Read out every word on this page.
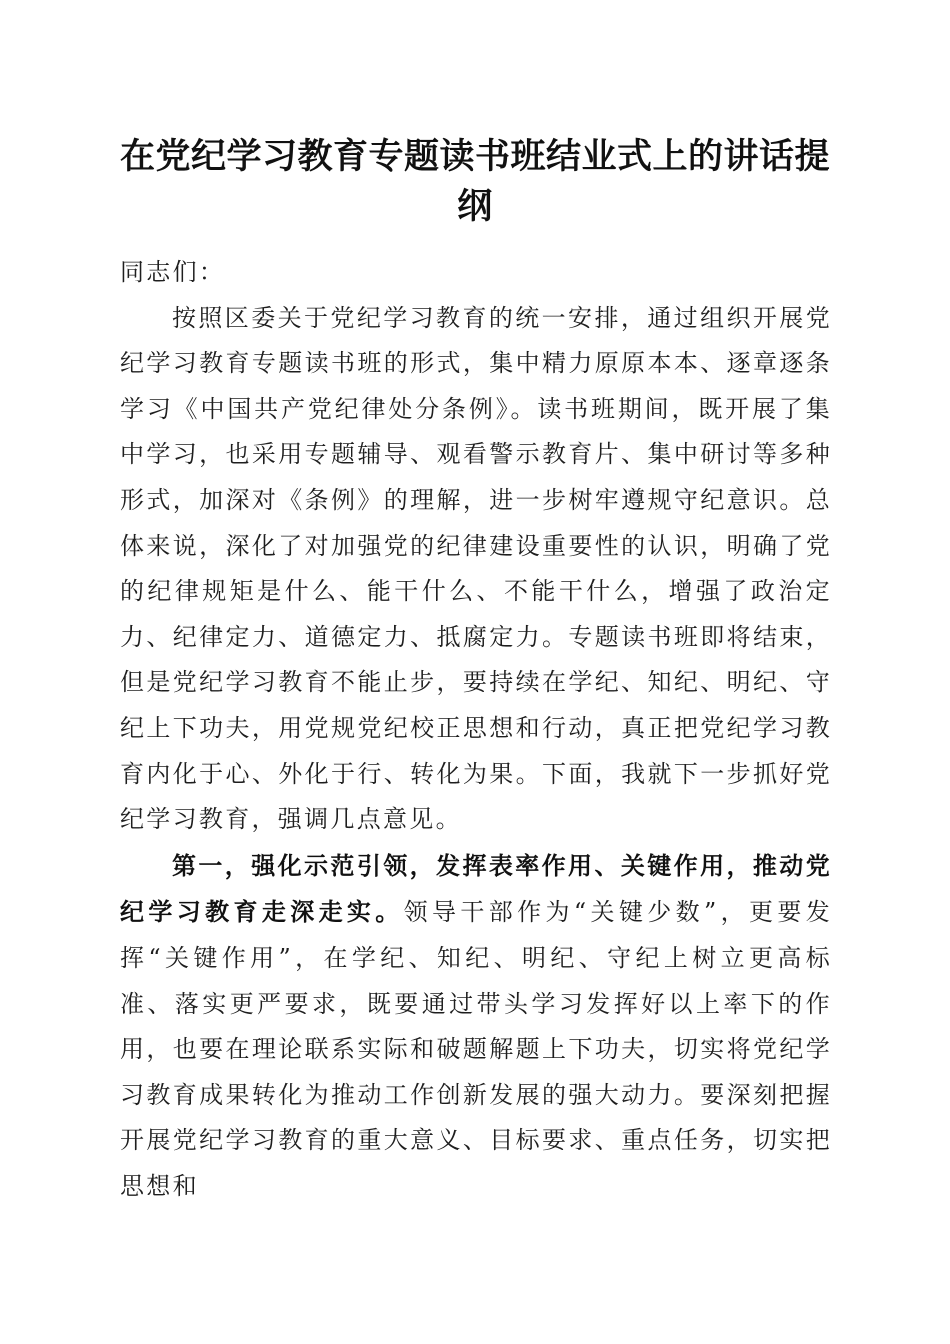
在党纪学习教育专题读书班结业式上的讲话提纲

同志们：

按照区委关于党纪学习教育的统一安排，通过组织开展党纪学习教育专题读书班的形式，集中精力原原本本、逐章逐条学习《中国共产党纪律处分条例》。读书班期间，既开展了集中学习，也采用专题辅导、观看警示教育片、集中研讨等多种形式，加深对《条例》的理解，进一步树牢遵规守纪意识。总体来说，深化了对加强党的纪律建设重要性的认识，明确了党的纪律规矩是什么、能干什么、不能干什么，增强了政治定力、纪律定力、道德定力、抵腐定力。专题读书班即将结束，但是党纪学习教育不能止步，要持续在学纪、知纪、明纪、守纪上下功夫，用党规党纪校正思想和行动，真正把党纪学习教育内化于心、外化于行、转化为果。下面，我就下一步抓好党纪学习教育，强调几点意见。

第一，强化示范引领，发挥表率作用、关键作用，推动党纪学习教育走深走实。领导干部作为“关键少数”，更要发挥“关键作用”，在学纪、知纪、明纪、守纪上树立更高标准、落实更严要求，既要通过带头学习发挥好以上率下的作用，也要在理论联系实际和破题解题上下功夫，切实将党纪学习教育成果转化为推动工作创新发展的强大动力。要深刻把握开展党纪学习教育的重大意义、目标要求、重点任务，切实把思想和
